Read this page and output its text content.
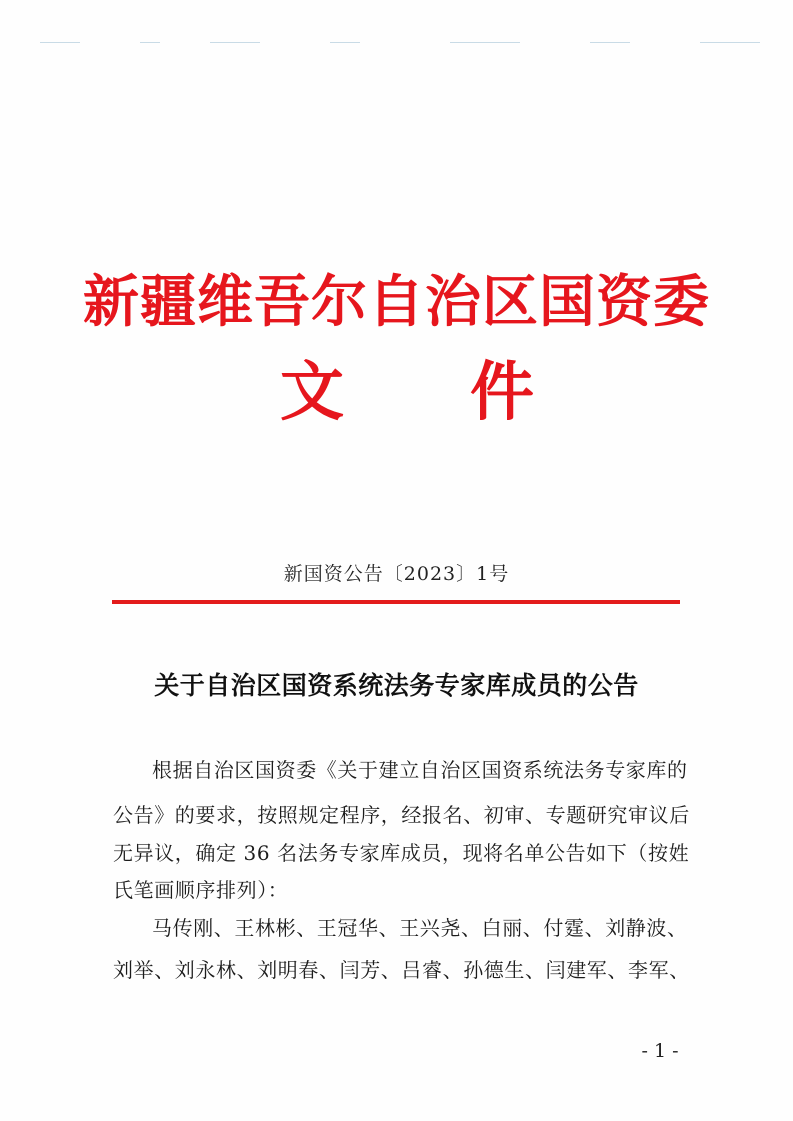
新疆维吾尔自治区国资委
文 件
新国资公告〔2023〕1号
关于自治区国资系统法务专家库成员的公告
根据自治区国资委《关于建立自治区国资系统法务专家库的
公告》的要求，按照规定程序，经报名、初审、专题研究审议后
无异议，确定 36 名法务专家库成员，现将名单公告如下（按姓
氏笔画顺序排列）：
马传刚、王林彬、王冠华、王兴尧、白丽、付霆、刘静波、
刘举、刘永林、刘明春、闫芳、吕睿、孙德生、闫建军、李军、
- 1 -
